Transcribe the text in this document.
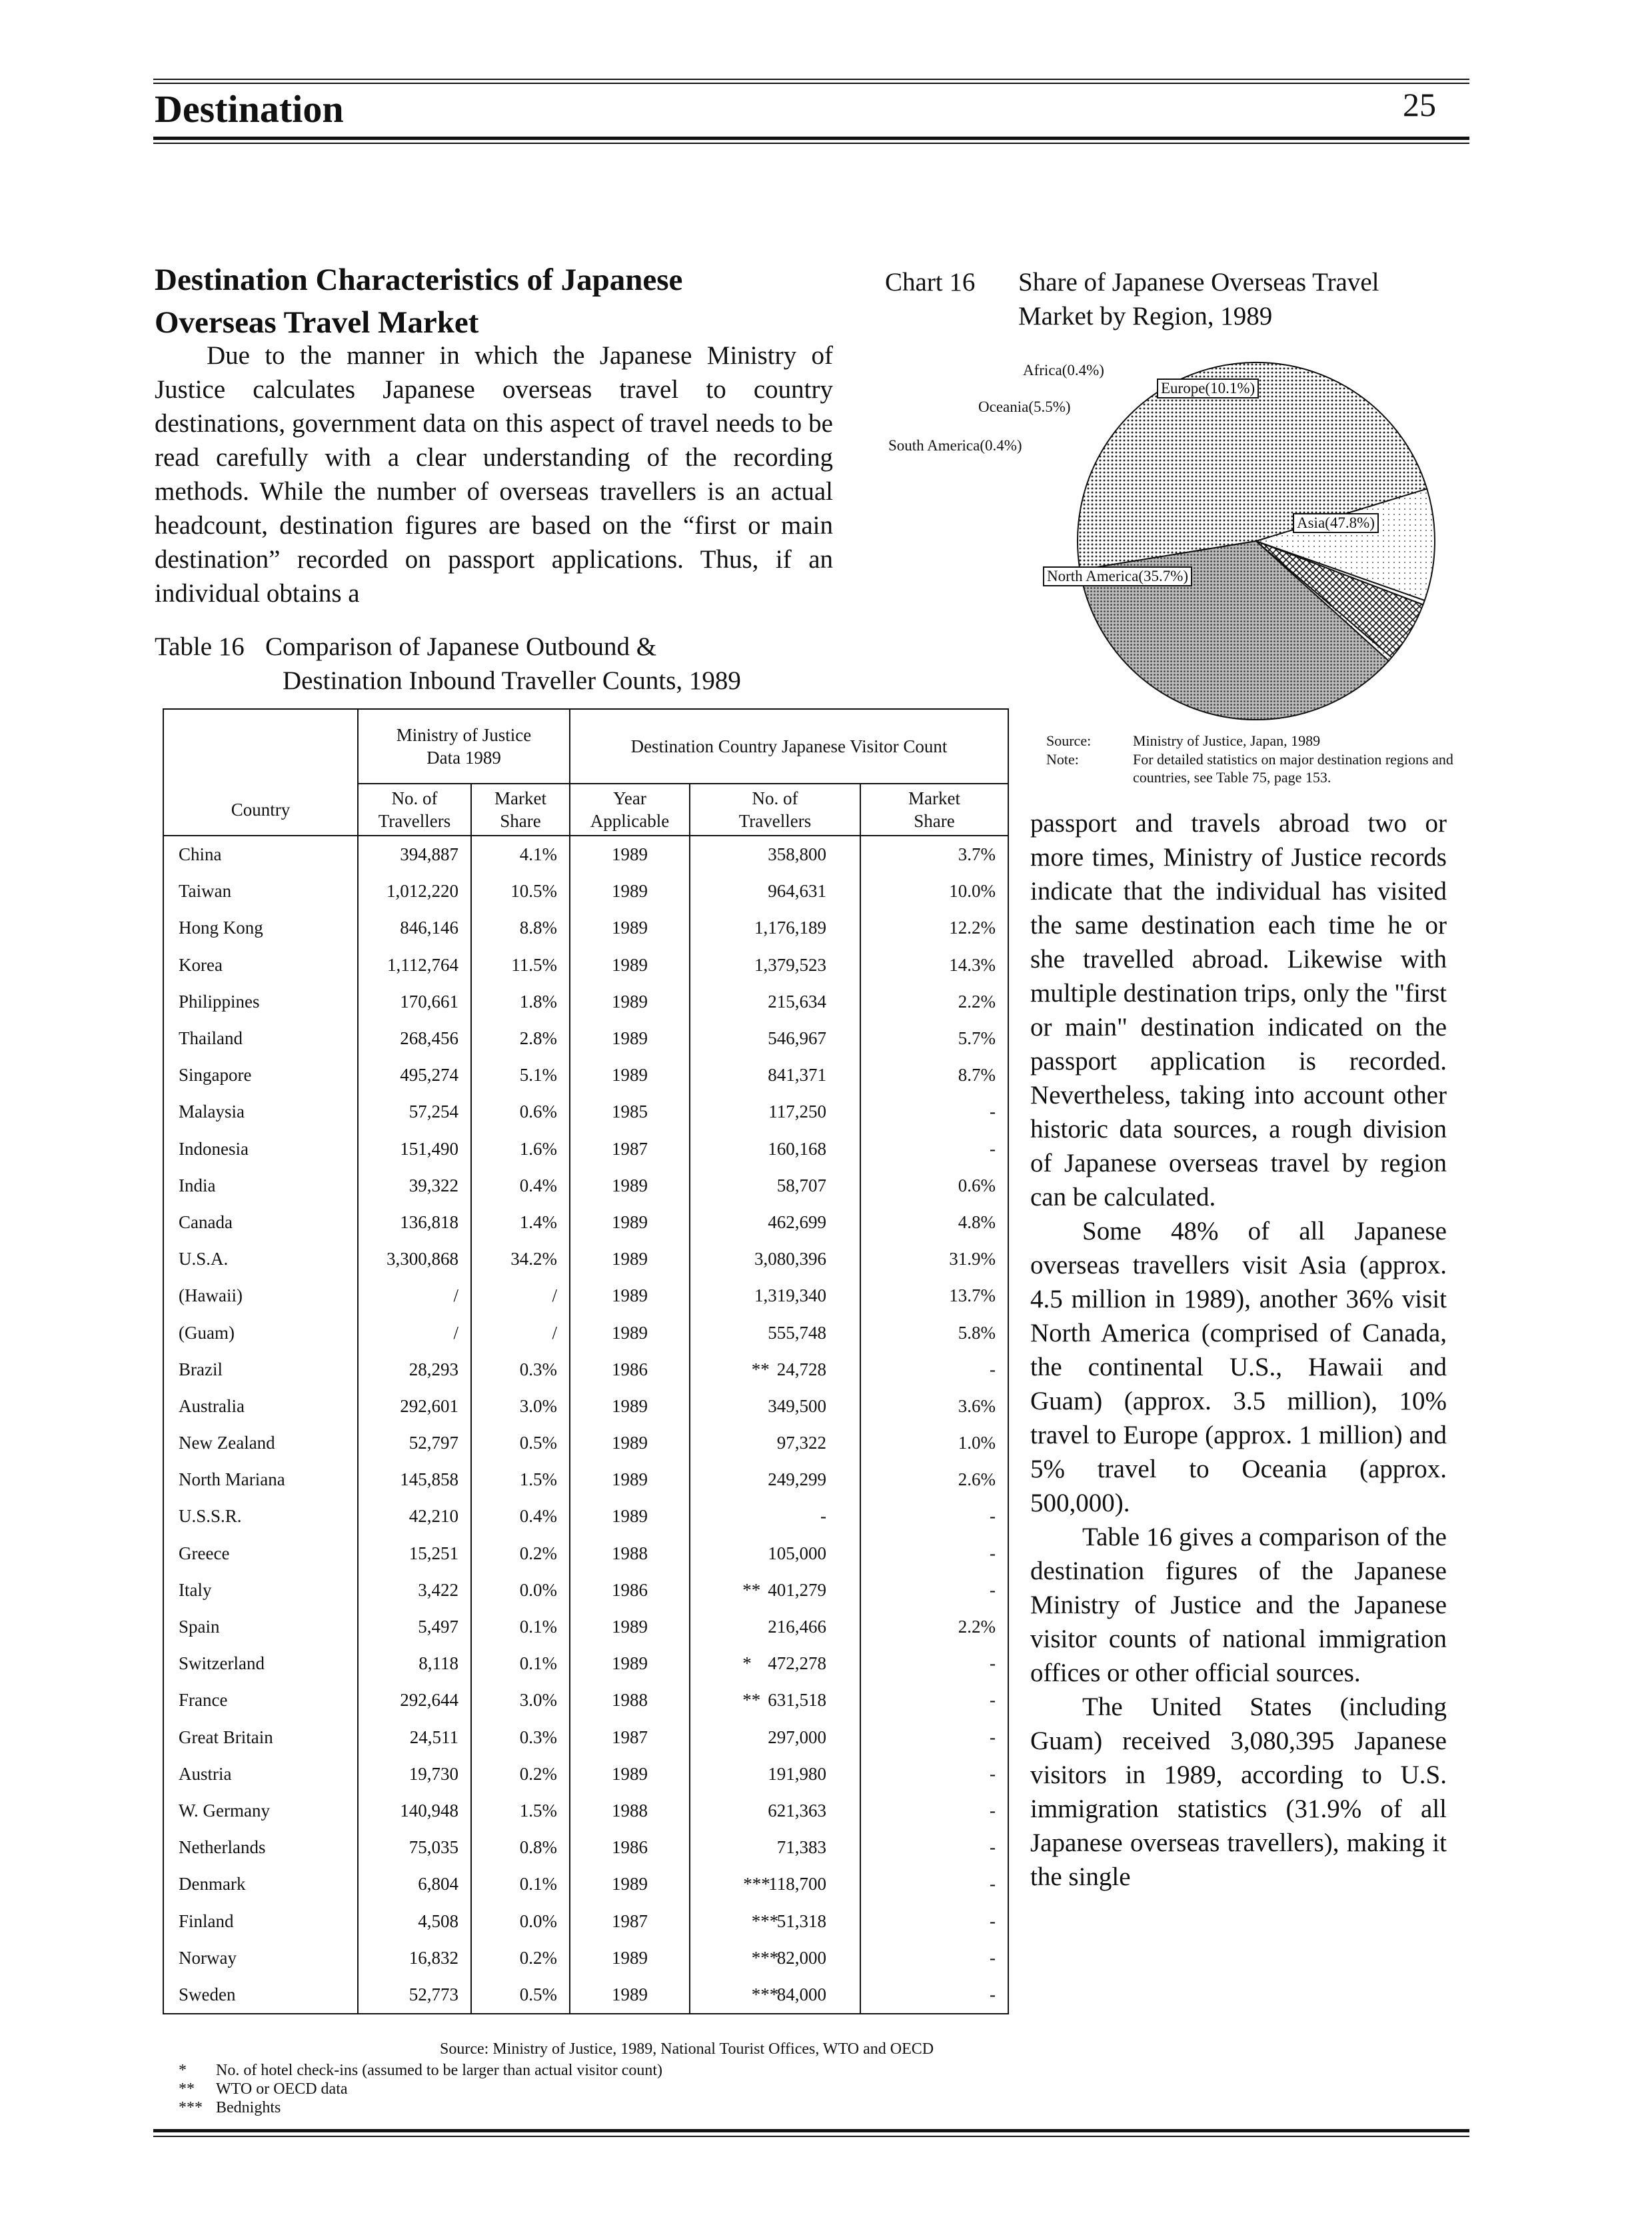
Destination	25
Destination Characteristics of Japanese
Overseas Travel Market
Due to the manner in which the Japanese Ministry of Justice calculates Japanese overseas travel to country destinations, government data on this aspect of travel needs to be read carefully with a clear understanding of the recording methods. While the number of overseas travellers is an actual headcount, destination figures are based on the “first or main destination” recorded on passport applications. Thus, if an individual obtains a
Table 16 Comparison of Japanese Outbound &
Destination Inbound Traveller Counts, 1989

	Ministry of Justice Data 1989		Destination Country Japanese Visitor Count		

Country	No. of Travellers	Market Share	Year Applicable	No. of Travellers	Market Share

China	394,887	4.1%	1989	358,800	3.7%
Taiwan	1,012,220	10.5%	1989	964,631	10.0%
Hong Kong	846,146	8.8%	1989	1,176,189	12.2%
Korea	1,112,764	11.5%	1989	1,379,523	14.3%
Philippines	170,661	1.8%	1989	215,634	2.2%
Thailand	268,456	2.8%	1989	546,967	5.7%
Singapore	495,274	5.1%	1989	841,371	8.7%
Malaysia	57,254	0.6%	1985	117,250	-
Indonesia	151,490	1.6%	1987	160,168	-
India	39,322	0.4%	1989	58,707	0.6%
Canada	136,818	1.4%	1989	462,699	4.8%
U.S.A.	3,300,868	34.2%	1989	3,080,396	31.9%
(Hawaii)	/	/	1989	1,319,340	13.7%
(Guam)	/	/	1989	555,748	5.8%
Brazil	28,293	0.3%	1986	** 24,728	-
Australia	292,601	3.0%	1989	349,500	3.6%
New Zealand	52,797	0.5%	1989	97,322	1.0%
North Mariana	145,858	1.5%	1989	249,299	2.6%
U.S.S.R.	42,210	0.4%	1989	-	-
Greece	15,251	0.2%	1988	105,000	-
Italy	3,422	0.0%	1986	** 401,279	-
Spain	5,497	0.1%	1989	216,466	2.2%
Switzerland	8,118	0.1%	1989	* 472,278	-
France	292,644	3.0%	1988	** 631,518	-
Great Britain	24,511	0.3%	1987	297,000	-
Austria	19,730	0.2%	1989	191,980	-
W. Germany	140,948	1.5%	1988	621,363	-
Netherlands	75,035	0.8%	1986	71,383	-
Denmark	6,804	0.1%	1989	***118,700	-
Finland	4,508	0.0%	1987	***51,318	-
Norway	16,832	0.2%	1989	***82,000	-
Sweden	52,773	0.5%	1989	***84,000	-
Source: Ministry of Justice, 1989, National Tourist Offices, WTO and OECD
* No. of hotel check-ins (assumed to be larger than actual visitor count)
** WTO or OECD data
*** Bednights
Chart 16 Share of Japanese Overseas Travel
Market by Region, 1989
Africa(0.4%)
Europe(10.1%)
Oceania(5.5%)
South America(0.4%)
Asia(47.8%)
North America(35.7%)
Source:	Ministry of Justice, Japan, 1989
Note:	For detailed statistics on major destination regions and countries, see Table 75, page 153.
passport and travels abroad two or more times, Ministry of Justice records indicate that the individual has visited the same destination each time he or she travelled abroad. Likewise with multiple destination trips, only the "first or main" destination indicated on the passport application is recorded. Nevertheless, taking into account other historic data sources, a rough division of Japanese overseas travel by region can be calculated.
Some 48% of all Japanese overseas travellers visit Asia (approx. 4.5 million in 1989), another 36% visit North America (comprised of Canada, the continental U.S., Hawaii and Guam) (approx. 3.5 million), 10% travel to Europe (approx. 1 million) and 5% travel to Oceania (approx. 500,000).
Table 16 gives a comparison of the destination figures of the Japanese Ministry of Justice and the Japanese visitor counts of national immigration offices or other official sources.
The United States (including Guam) received 3,080,395 Japanese visitors in 1989, according to U.S. immigration statistics (31.9% of all Japanese overseas travellers), making it the single
